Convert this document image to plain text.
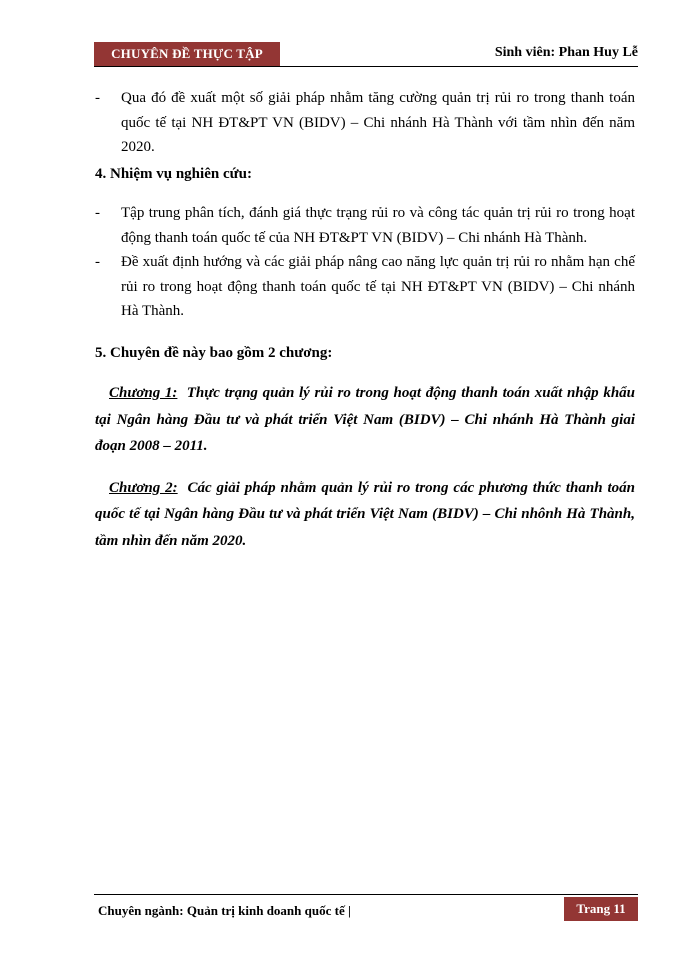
CHUYÊN ĐỀ THỰC TẬP	Sinh viên: Phan Huy Lễ
-	Qua đó đề xuất một số giải pháp nhằm tăng cường quản trị rủi ro trong thanh toán quốc tế tại NH ĐT&PT VN (BIDV) – Chi nhánh Hà Thành với tầm nhìn đến năm 2020.
4. Nhiệm vụ nghiên cứu:
-	Tập trung phân tích, đánh giá thực trạng rủi ro và công tác quản trị rủi ro trong hoạt động thanh toán quốc tế của NH ĐT&PT VN (BIDV) – Chi nhánh Hà Thành.
-	Đề xuất định hướng và các giải pháp nâng cao năng lực quản trị rủi ro nhằm hạn chế rủi ro trong hoạt động thanh toán quốc tế tại NH ĐT&PT VN (BIDV) – Chi nhánh Hà Thành.
5. Chuyên đề này bao gồm 2 chương:
Chương 1: Thực trạng quản lý rủi ro trong hoạt động thanh toán xuất nhập khẩu tại Ngân hàng Đầu tư và phát triển Việt Nam (BIDV) – Chi nhánh Hà Thành giai đoạn 2008 – 2011.
Chương 2: Các giải pháp nhằm quản lý rủi ro trong các phương thức thanh toán quốc tế tại Ngân hàng Đầu tư và phát triển Việt Nam (BIDV) – Chi nhônh Hà Thành, tầm nhìn đến năm 2020.
Chuyên ngành: Quản trị kinh doanh quốc tế |	Trang 11
